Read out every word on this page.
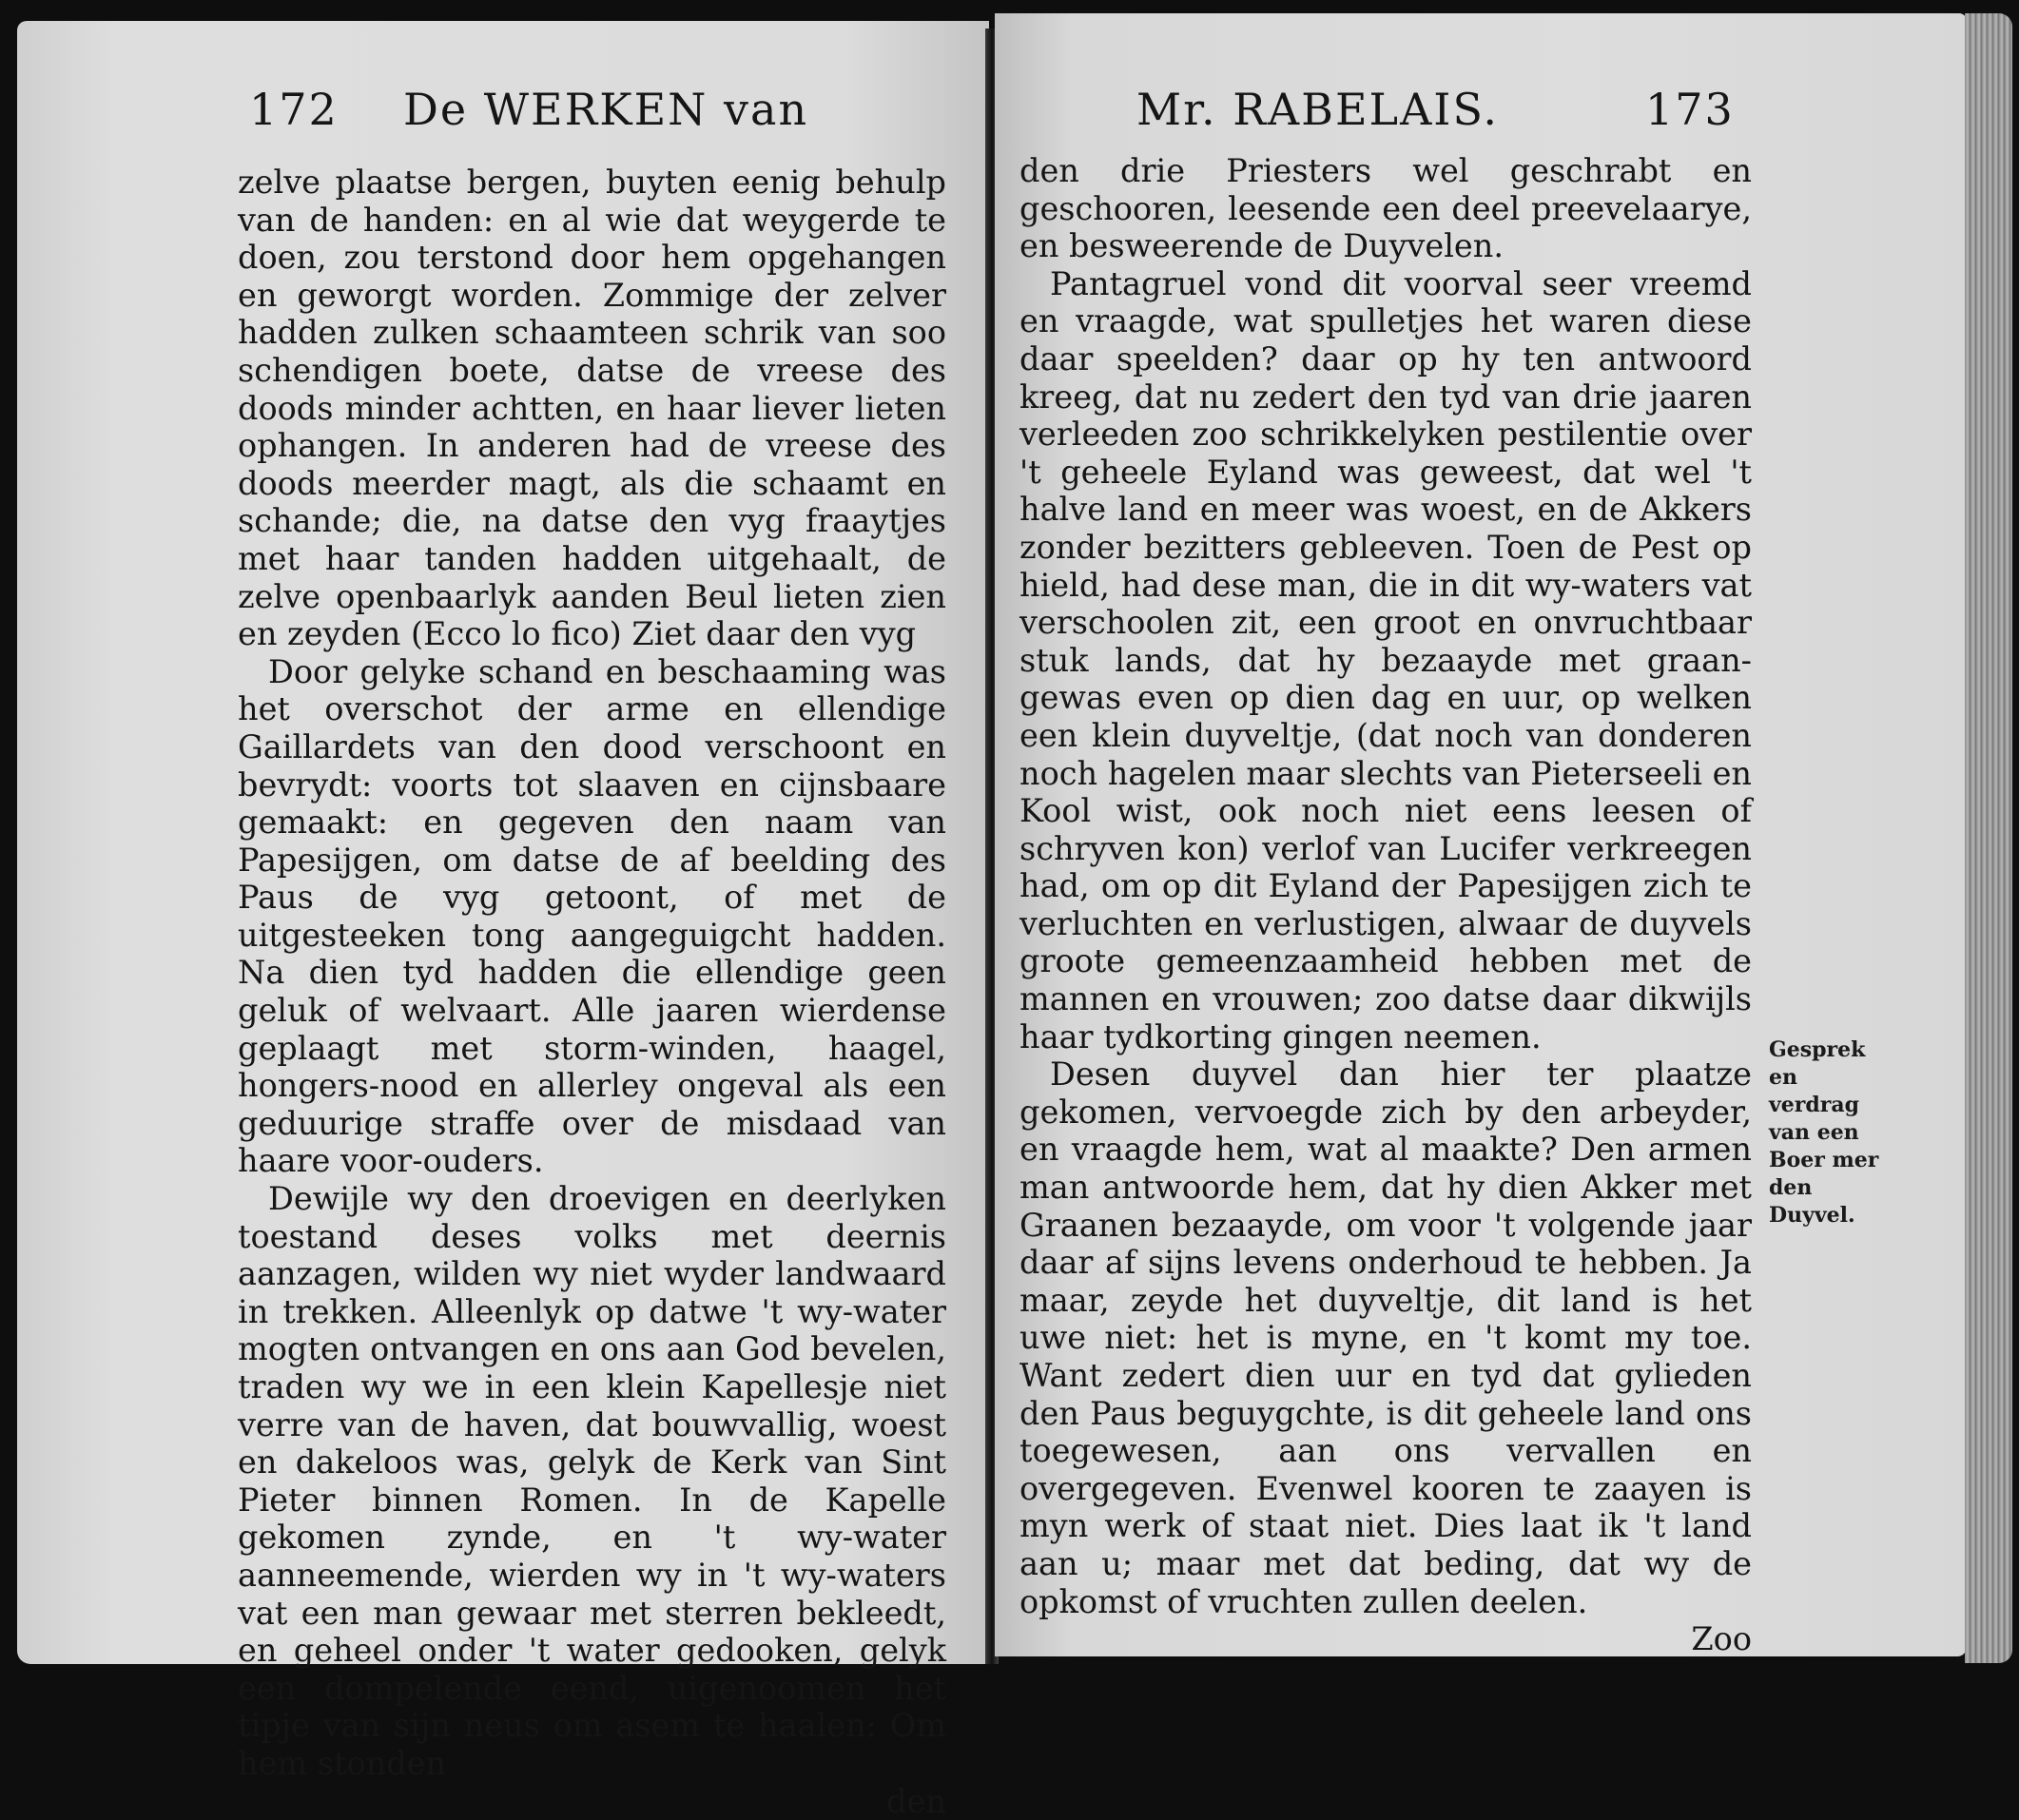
172 De WERKEN van

zelve plaatse bergen, buyten eenig behulp van de handen: en al wie dat weygerde te doen, zou terstond door hem opgehangen en geworgt worden. Zommige der zelver hadden zulken schaamteen schrik van soo schendigen boete, datse de vreese des doods minder achtten, en haar liever lieten ophangen. In anderen had de vreese des doods meerder magt, als die schaamt en schande; die, na datse den vyg fraaytjes met haar tanden hadden uitgehaalt, de zelve openbaarlyk aanden Beul lieten zien en zeyden (Ecco lo fico) Ziet daar den vyg

Door gelyke schand en beschaaming was het overschot der arme en ellendige Gaillardets van den dood verschoont en bevrydt: voorts tot slaaven en cijnsbaare gemaakt: en gegeven den naam van Papesijgen, om datse de af beelding des Paus de vyg getoont, of met de uitgesteeken tong aangeguigcht hadden. Na dien tyd hadden die ellendige geen geluk of welvaart. Alle jaaren wierdense geplaagt met storm-winden, haagel, hongers-nood en allerley ongeval als een geduurige straffe over de misdaad van haare voor-ouders.

Dewijle wy den droevigen en deerlyken toestand deses volks met deernis aanzagen, wilden wy niet wyder landwaard in trekken. Alleenlyk op datwe 't wy-water mogten ontvangen en ons aan God bevelen, traden wy we in een klein Kapellesje niet verre van de haven, dat bouwvallig, woest en dakeloos was, gelyk de Kerk van Sint Pieter binnen Romen. In de Kapelle gekomen zynde, en 't wy-water aanneemende, wierden wy in 't wy-waters vat een man gewaar met sterren bekleedt, en geheel onder 't water gedooken, gelyk een dompelende eend, uigenoomen het tipje van sijn neus om asem te haalen: Om hem stonden

den

Mr. RABELAIS.	173

den drie Priesters wel geschrabt en geschooren, leesende een deel preevelaarye, en besweerende de Duyvelen.

Pantagruel vond dit voorval seer vreemd en vraagde, wat spulletjes het waren diese daar speelden? daar op hy ten antwoord kreeg, dat nu zedert den tyd van drie jaaren verleeden zoo schrikkelyken pestilentie over 't geheele Eyland was geweest, dat wel 't halve land en meer was woest, en de Akkers zonder bezitters gebleeven. Toen de Pest op hield, had dese man, die in dit wy-waters vat verschoolen zit, een groot en onvruchtbaar stuk lands, dat hy bezaayde met graan-gewas even op dien dag en uur, op welken een klein duyveltje, (dat noch van donderen noch hagelen maar slechts van Pieterseeli en Kool wist, ook noch niet eens leesen of schryven kon) verlof van Lucifer verkreegen had, om op dit Eyland der Papesijgen zich te verluchten en verlustigen, alwaar de duyvels groote gemeenzaamheid hebben met de mannen en vrouwen; zoo datse daar dikwijls haar tydkorting gingen neemen.

Desen duyvel dan hier ter plaatze gekomen, vervoegde zich by den arbeyder, en vraagde hem, wat al maakte? Den armen man antwoorde hem, dat hy dien Akker met Graanen bezaayde, om voor 't volgende jaar daar af sijns levens onderhoud te hebben. Ja maar, zeyde het duyveltje, dit land is het uwe niet: het is myne, en 't komt my toe. Want zedert dien uur en tyd dat gylieden den Paus beguygchte, is dit geheele land ons toegewesen, aan ons vervallen en overgegeven. Evenwel kooren te zaayen is myn werk of staat niet. Dies laat ik 't land aan u; maar met dat beding, dat wy de opkomst of vruchten zullen deelen.

Zoo

Gesprek en verdrag van een Boer mer den Duyvel.
